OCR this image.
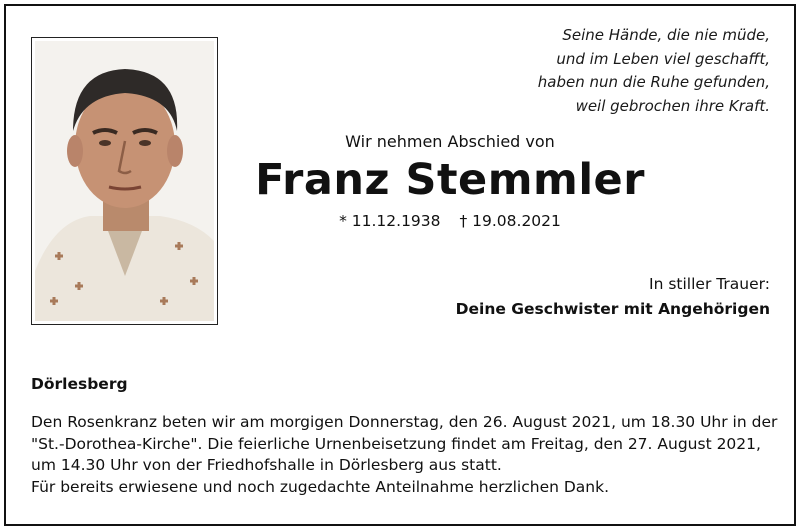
Seine Hände, die nie müde,
und im Leben viel geschafft,
haben nun die Ruhe gefunden,
weil gebrochen ihre Kraft.
Wir nehmen Abschied von
Franz Stemmler
* 11.12.1938 † 19.08.2021
In stiller Trauer:
Deine Geschwister mit Angehörigen
Dörlesberg
Den Rosenkranz beten wir am morgigen Donnerstag, den 26. August 2021, um 18.30 Uhr in der
"St.-Dorothea-Kirche". Die feierliche Urnenbeisetzung findet am Freitag, den 27. August 2021,
um 14.30 Uhr von der Friedhofshalle in Dörlesberg aus statt.
Für bereits erwiesene und noch zugedachte Anteilnahme herzlichen Dank.
